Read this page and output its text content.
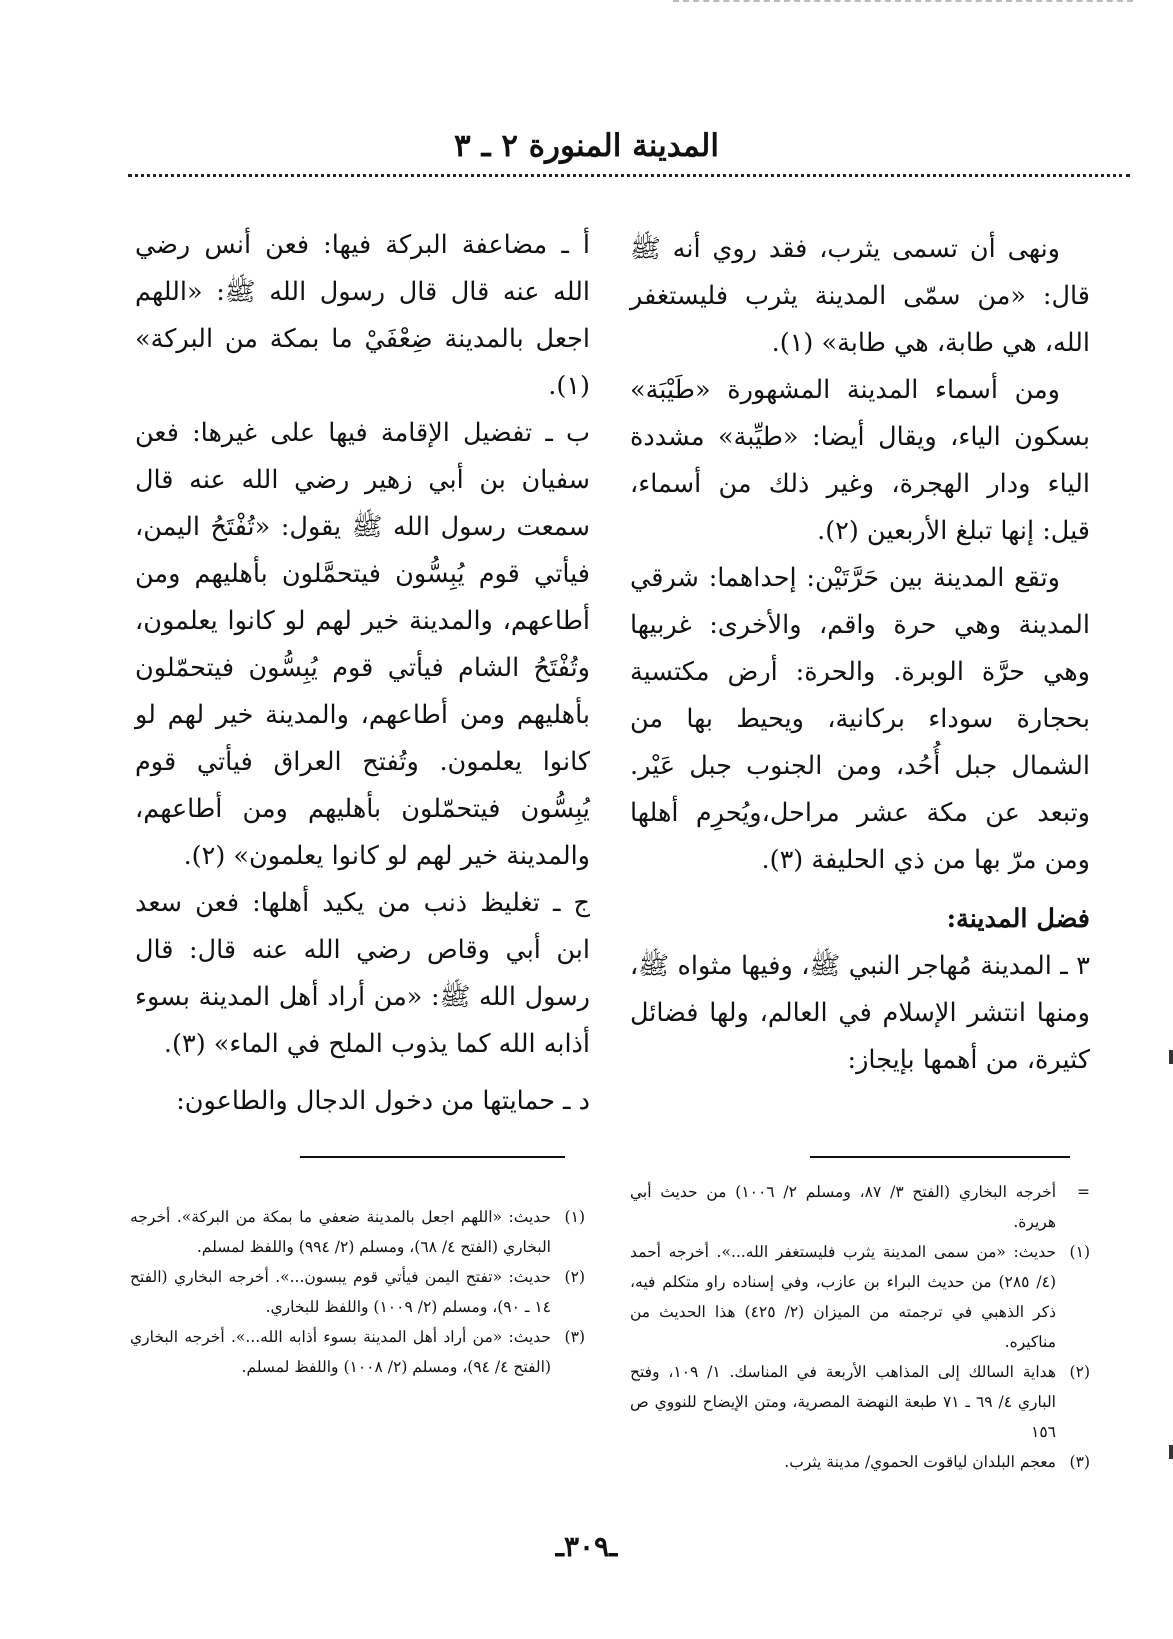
المدينة المنورة ٢ ـ ٣

ونهى أن تسمى يثرب، فقد روي أنه ﷺ قال: «من سمّى المدينة يثرب فليستغفر الله، هي طابة، هي طابة» (١).

ومن أسماء المدينة المشهورة «طَيْبَة» بسكون الياء، ويقال أيضا: «طيِّبة» مشددة الياء ودار الهجرة، وغير ذلك من أسماء، قيل: إنها تبلغ الأربعين (٢).

وتقع المدينة بين حَرَّتَيْن: إحداهما: شرقي المدينة وهي حرة واقم، والأخرى: غربيها وهي حرَّة الوبرة. والحرة: أرض مكتسية بحجارة سوداء بركانية، ويحيط بها من الشمال جبل أُحُد، ومن الجنوب جبل عَيْر. وتبعد عن مكة عشر مراحل،ويُحرِم أهلها ومن مرّ بها من ذي الحليفة (٣).

فضل المدينة:

٣ ـ المدينة مُهاجر النبي ﷺ، وفيها مثواه ﷺ، ومنها انتشر الإسلام في العالم، ولها فضائل كثيرة، من أهمها بإيجاز:

أ ـ مضاعفة البركة فيها: فعن أنس رضي الله عنه قال قال رسول الله ﷺ: «اللهم اجعل بالمدينة ضِعْفَيْ ما بمكة من البركة» (١).

ب ـ تفضيل الإقامة فيها على غيرها: فعن سفيان بن أبي زهير رضي الله عنه قال سمعت رسول الله ﷺ يقول: «تُفْتَحُ اليمن، فيأتي قوم يُبِسُّون فيتحمَّلون بأهليهم ومن أطاعهم، والمدينة خير لهم لو كانوا يعلمون، وتُفْتَحُ الشام فيأتي قوم يُبِسُّون فيتحمّلون بأهليهم ومن أطاعهم، والمدينة خير لهم لو كانوا يعلمون. وتُفتح العراق فيأتي قوم يُبِسُّون فيتحمّلون بأهليهم ومن أطاعهم، والمدينة خير لهم لو كانوا يعلمون» (٢).

ج ـ تغليظ ذنب من يكيد أهلها: فعن سعد ابن أبي وقاص رضي الله عنه قال: قال رسول الله ﷺ: «من أراد أهل المدينة بسوء أذابه الله كما يذوب الملح في الماء» (٣).

د ـ حمايتها من دخول الدجال والطاعون:

=
أخرجه البخاري (الفتح ٣/ ٨٧، ومسلم ٢/ ١٠٠٦) من حديث أبي هريرة.
(١)
حديث: «من سمى المدينة يثرب فليستغفر الله...». أخرجه أحمد (٤/ ٢٨٥) من حديث البراء بن عازب، وفي إسناده راو متكلم فيه، ذكر الذهبي في ترجمته من الميزان (٢/ ٤٢٥) هذا الحديث من مناكيره.
(٢)
هداية السالك إلى المذاهب الأربعة في المناسك. ١/ ١٠٩، وفتح الباري ٤/ ٦٩ ـ ٧١ طبعة النهضة المصرية، ومتن الإيضاح للنووي ص ١٥٦
(٣)
معجم البلدان لياقوت الحموي/ مدينة يثرب.
(١)
حديث: «اللهم اجعل بالمدينة ضعفي ما بمكة من البركة». أخرجه البخاري (الفتح ٤/ ٦٨)، ومسلم (٢/ ٩٩٤) واللفظ لمسلم.
(٢)
حديث: «تفتح اليمن فيأتي قوم يبسون...». أخرجه البخاري (الفتح ١٤ ـ ٩٠)، ومسلم (٢/ ١٠٠٩) واللفظ للبخاري.
(٣)
حديث: «من أراد أهل المدينة بسوء أذابه الله...». أخرجه البخاري (الفتح ٤/ ٩٤)، ومسلم (٢/ ١٠٠٨) واللفظ لمسلم.
ـ٣٠٩ـ
